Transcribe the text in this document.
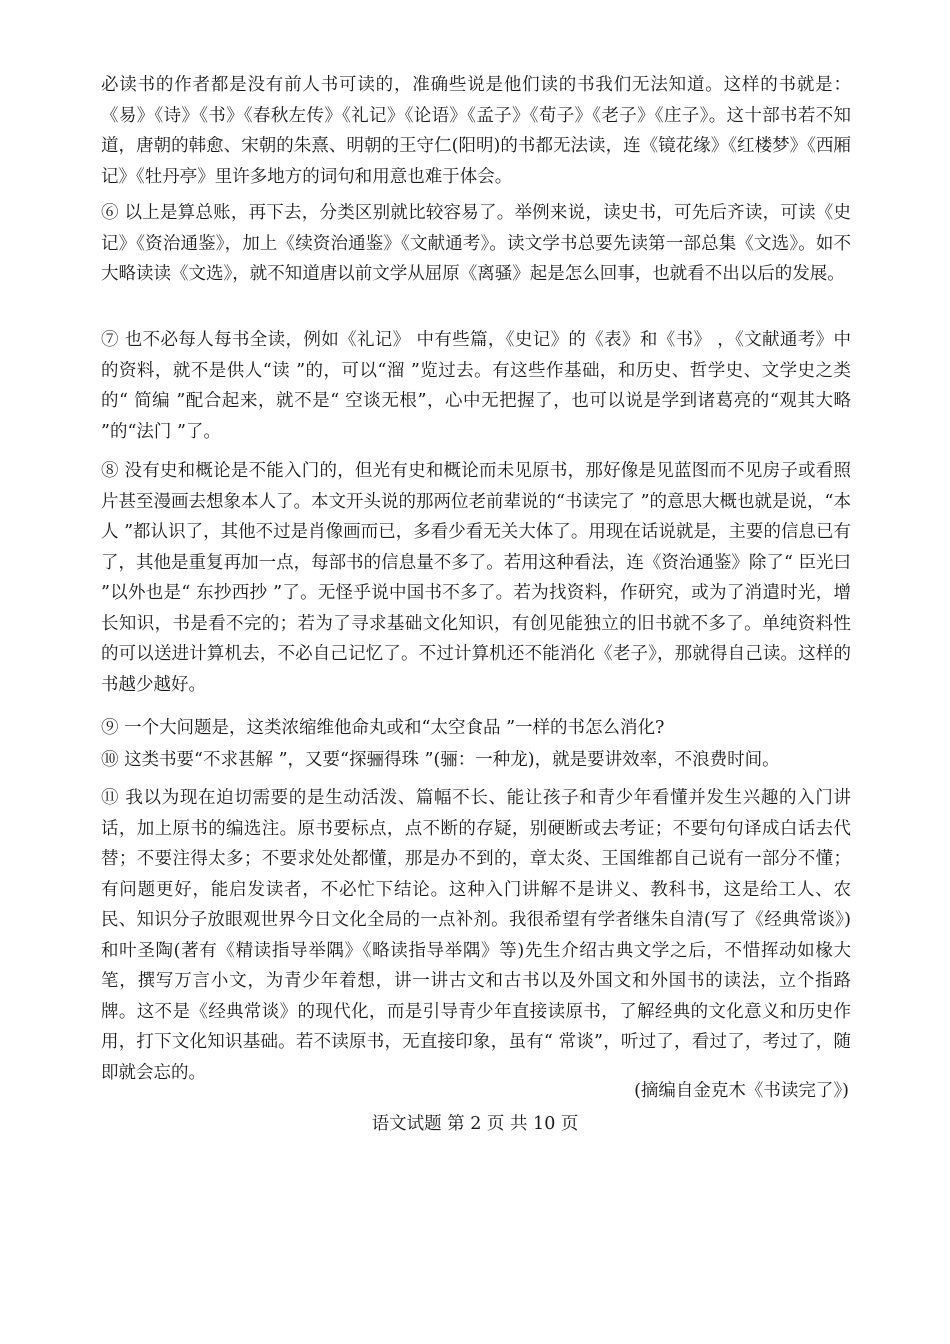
必读书的作者都是没有前人书可读的，准确些说是他们读的书我们无法知道。这样的书就是：《易》《诗》《书》《春秋左传》《礼记》《论语》《孟子》《荀子》《老子》《庄子》。这十部书若不知道，唐朝的韩愈、宋朝的朱熹、明朝的王守仁(阳明)的书都无法读，连《镜花缘》《红楼梦》《西厢记》《牡丹亭》里许多地方的词句和用意也难于体会。

⑥ 以上是算总账，再下去，分类区别就比较容易了。举例来说，读史书，可先后齐读，可读《史记》《资治通鉴》，加上《续资治通鉴》《文献通考》。读文学书总要先读第一部总集《文选》。如不大略读读《文选》，就不知道唐以前文学从屈原《离骚》起是怎么回事，也就看不出以后的发展。

⑦ 也不必每人每书全读，例如《礼记》 中有些篇，《史记》的《表》和《书》 ，《文献通考》中的资料，就不是供人“读 ”的，可以“溜 ”览过去。有这些作基础，和历史、哲学史、文学史之类的“ 简编 ”配合起来，就不是“ 空谈无根”，心中无把握了，也可以说是学到诸葛亮的“观其大略 ”的“法门 ”了。

⑧ 没有史和概论是不能入门的，但光有史和概论而未见原书，那好像是见蓝图而不见房子或看照片甚至漫画去想象本人了。本文开头说的那两位老前辈说的“书读完了 ”的意思大概也就是说，“本人 ”都认识了，其他不过是肖像画而已，多看少看无关大体了。用现在话说就是，主要的信息已有了，其他是重复再加一点，每部书的信息量不多了。若用这种看法，连《资治通鉴》除了“ 臣光曰 ”以外也是“ 东抄西抄 ”了。无怪乎说中国书不多了。若为找资料，作研究，或为了消遣时光，增长知识，书是看不完的；若为了寻求基础文化知识，有创见能独立的旧书就不多了。单纯资料性的可以送进计算机去，不必自己记忆了。不过计算机还不能消化《老子》，那就得自己读。这样的书越少越好。

⑨ 一个大问题是，这类浓缩维他命丸或和“太空食品 ”一样的书怎么消化?

⑩ 这类书要“不求甚解 ”，又要“探骊得珠 ”(骊：一种龙)，就是要讲效率，不浪费时间。

⑪ 我以为现在迫切需要的是生动活泼、篇幅不长、能让孩子和青少年看懂并发生兴趣的入门讲话，加上原书的编选注。原书要标点，点不断的存疑，别硬断或去考证；不要句句译成白话去代替；不要注得太多；不要求处处都懂，那是办不到的，章太炎、王国维都自己说有一部分不懂；有问题更好，能启发读者，不必忙下结论。这种入门讲解不是讲义、教科书，这是给工人、农民、知识分子放眼观世界今日文化全局的一点补剂。我很希望有学者继朱自清(写了《经典常谈》)和叶圣陶(著有《精读指导举隅》《略读指导举隅》等)先生介绍古典文学之后，不惜挥动如椽大笔，撰写万言小文，为青少年着想，讲一讲古文和古书以及外国文和外国书的读法，立个指路牌。这不是《经典常谈》的现代化，而是引导青少年直接读原书，了解经典的文化意义和历史作用，打下文化知识基础。若不读原书，无直接印象，虽有“ 常谈”，听过了，看过了，考过了，随即就会忘的。

(摘编自金克木《书读完了》)
语文试题 第 2 页 共 10 页
